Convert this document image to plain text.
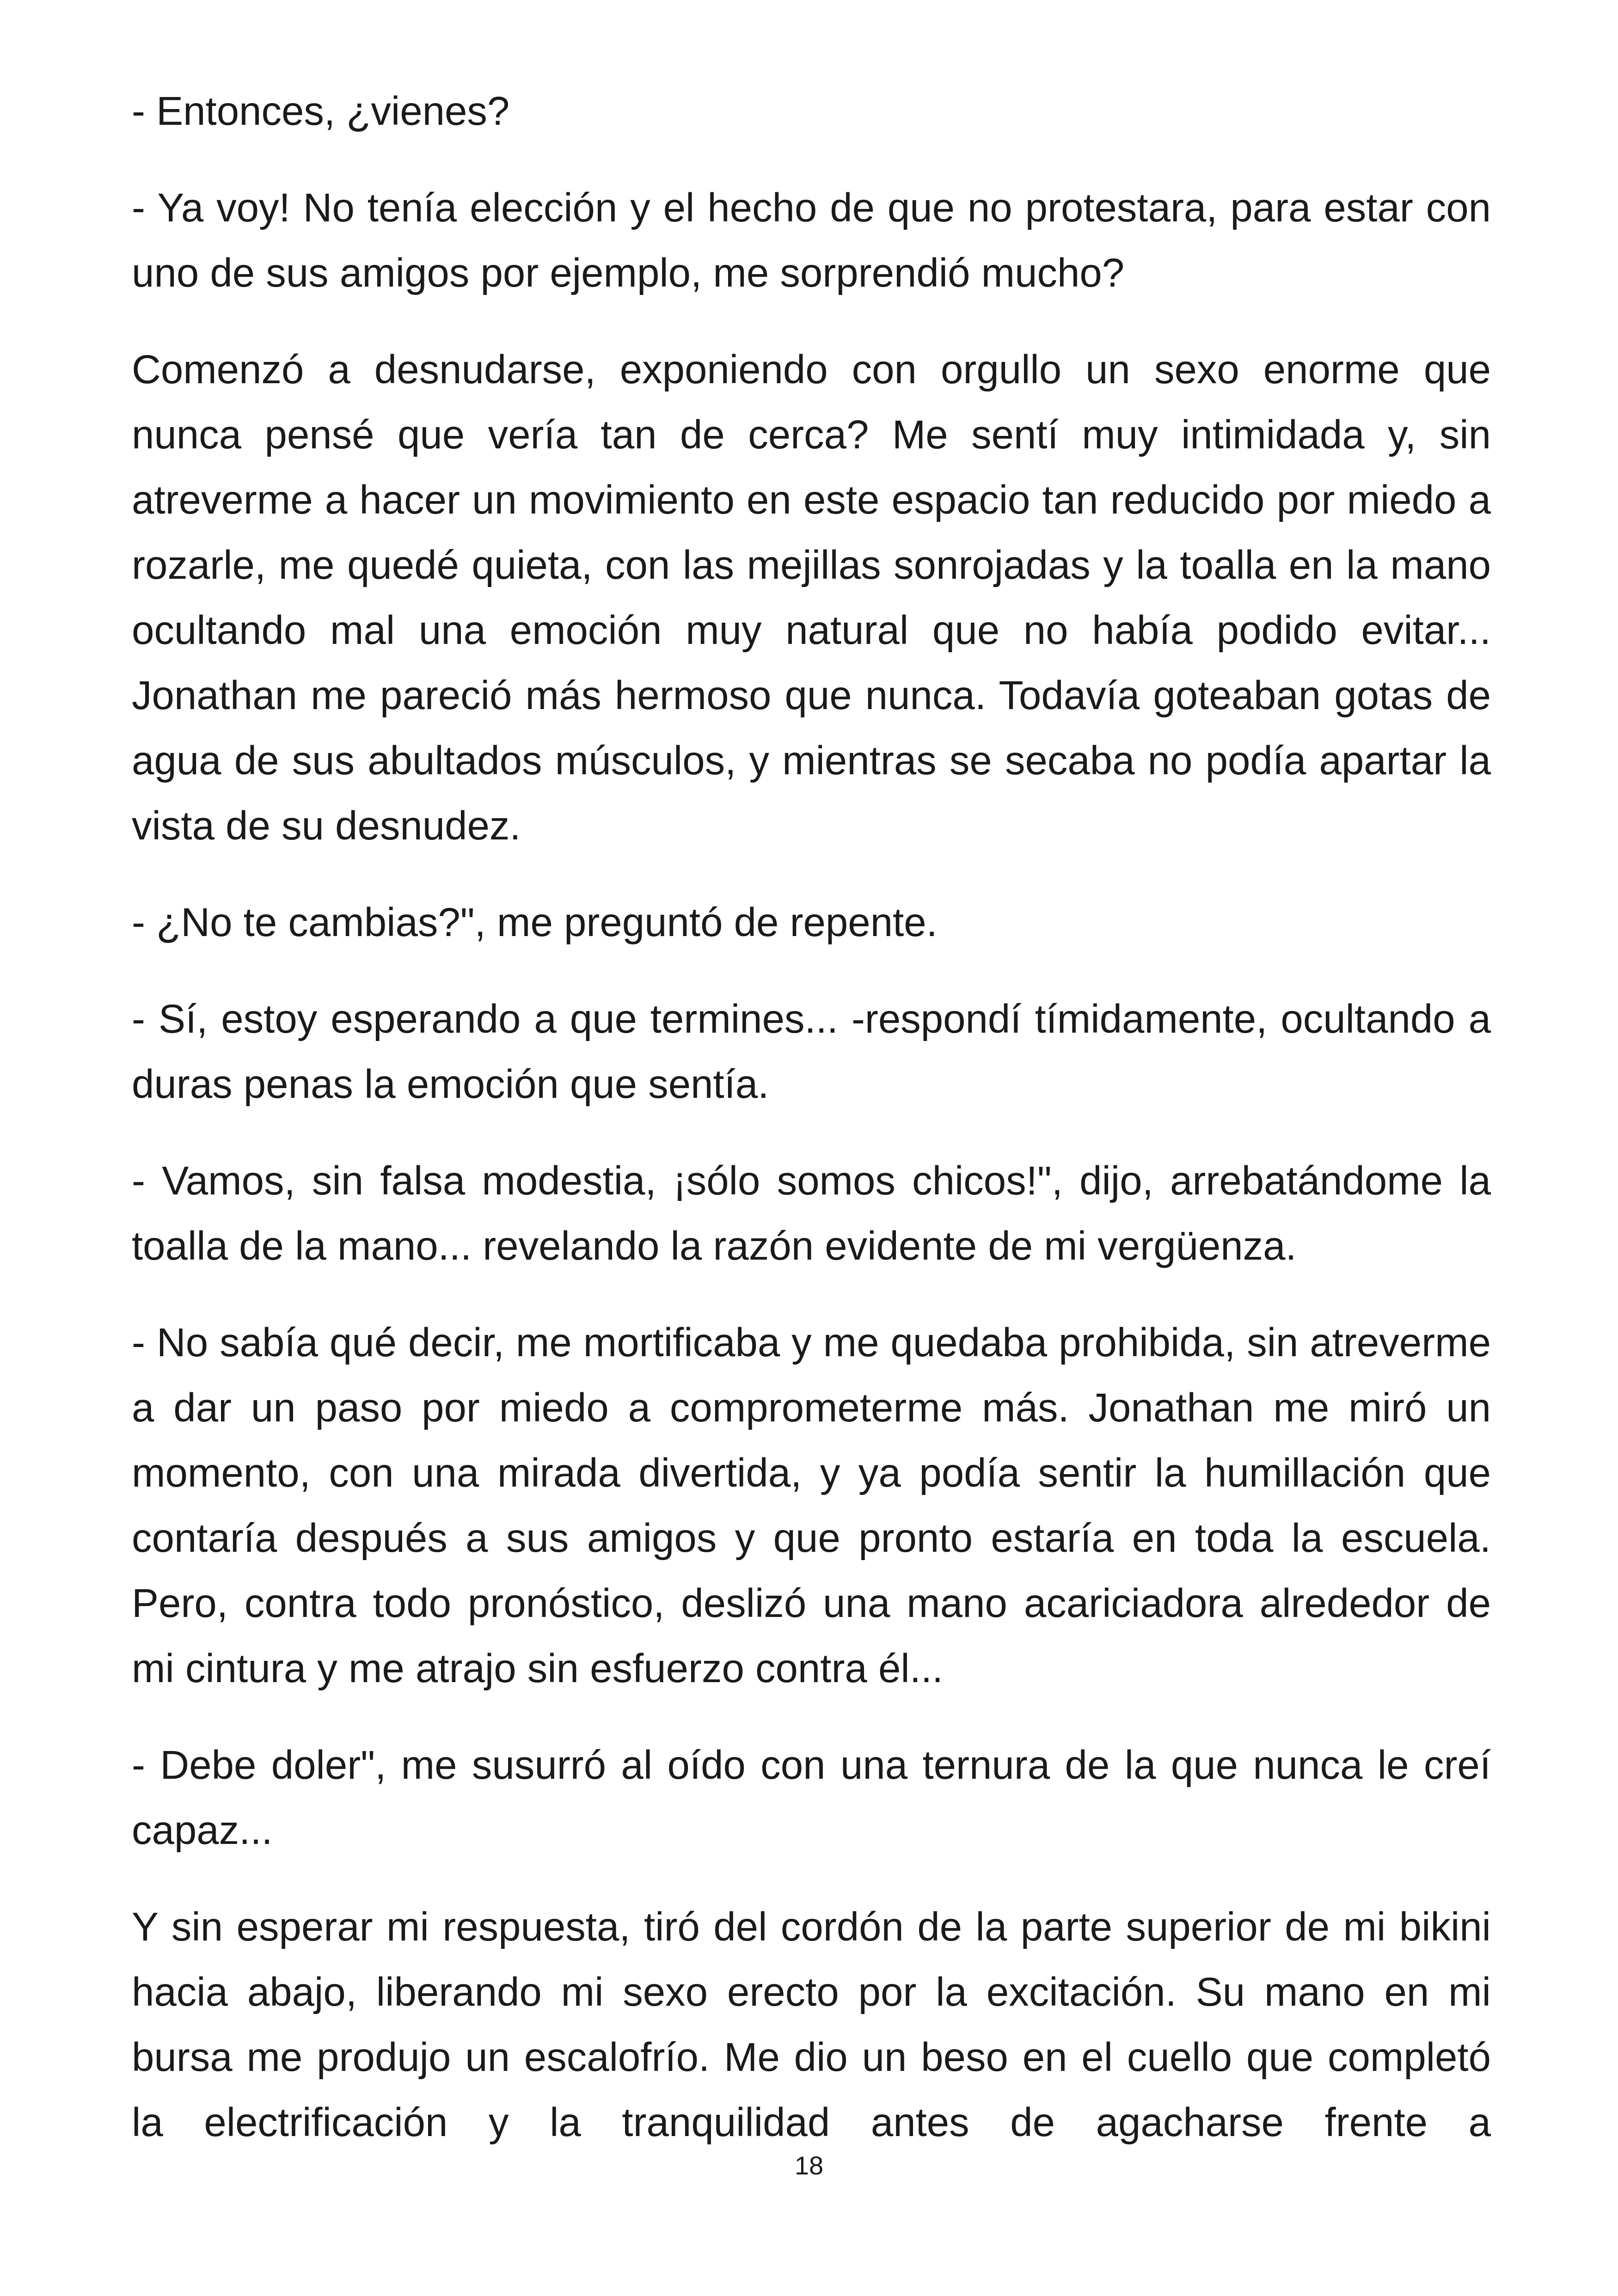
- Entonces, ¿vienes?

- Ya voy! No tenía elección y el hecho de que no protestara, para estar con uno de sus amigos por ejemplo, me sorprendió mucho?

Comenzó a desnudarse, exponiendo con orgullo un sexo enorme que nunca pensé que vería tan de cerca? Me sentí muy intimidada y, sin atreverme a hacer un movimiento en este espacio tan reducido por miedo a rozarle, me quedé quieta, con las mejillas sonrojadas y la toalla en la mano ocultando mal una emoción muy natural que no había podido evitar... Jonathan me pareció más hermoso que nunca. Todavía goteaban gotas de agua de sus abultados músculos, y mientras se secaba no podía apartar la vista de su desnudez.

- ¿No te cambias?", me preguntó de repente.

- Sí, estoy esperando a que termines... -respondí tímidamente, ocultando a duras penas la emoción que sentía.

- Vamos, sin falsa modestia, ¡sólo somos chicos!", dijo, arrebatándome la toalla de la mano... revelando la razón evidente de mi vergüenza.

- No sabía qué decir, me mortificaba y me quedaba prohibida, sin atreverme a dar un paso por miedo a comprometerme más. Jonathan me miró un momento, con una mirada divertida, y ya podía sentir la humillación que contaría después a sus amigos y que pronto estaría en toda la escuela. Pero, contra todo pronóstico, deslizó una mano acariciadora alrededor de mi cintura y me atrajo sin esfuerzo contra él...

- Debe doler", me susurró al oído con una ternura de la que nunca le creí capaz...

Y sin esperar mi respuesta, tiró del cordón de la parte superior de mi bikini hacia abajo, liberando mi sexo erecto por la excitación. Su mano en mi bursa me produjo un escalofrío. Me dio un beso en el cuello que completó la electrificación y la tranquilidad antes de agacharse frente a

18
